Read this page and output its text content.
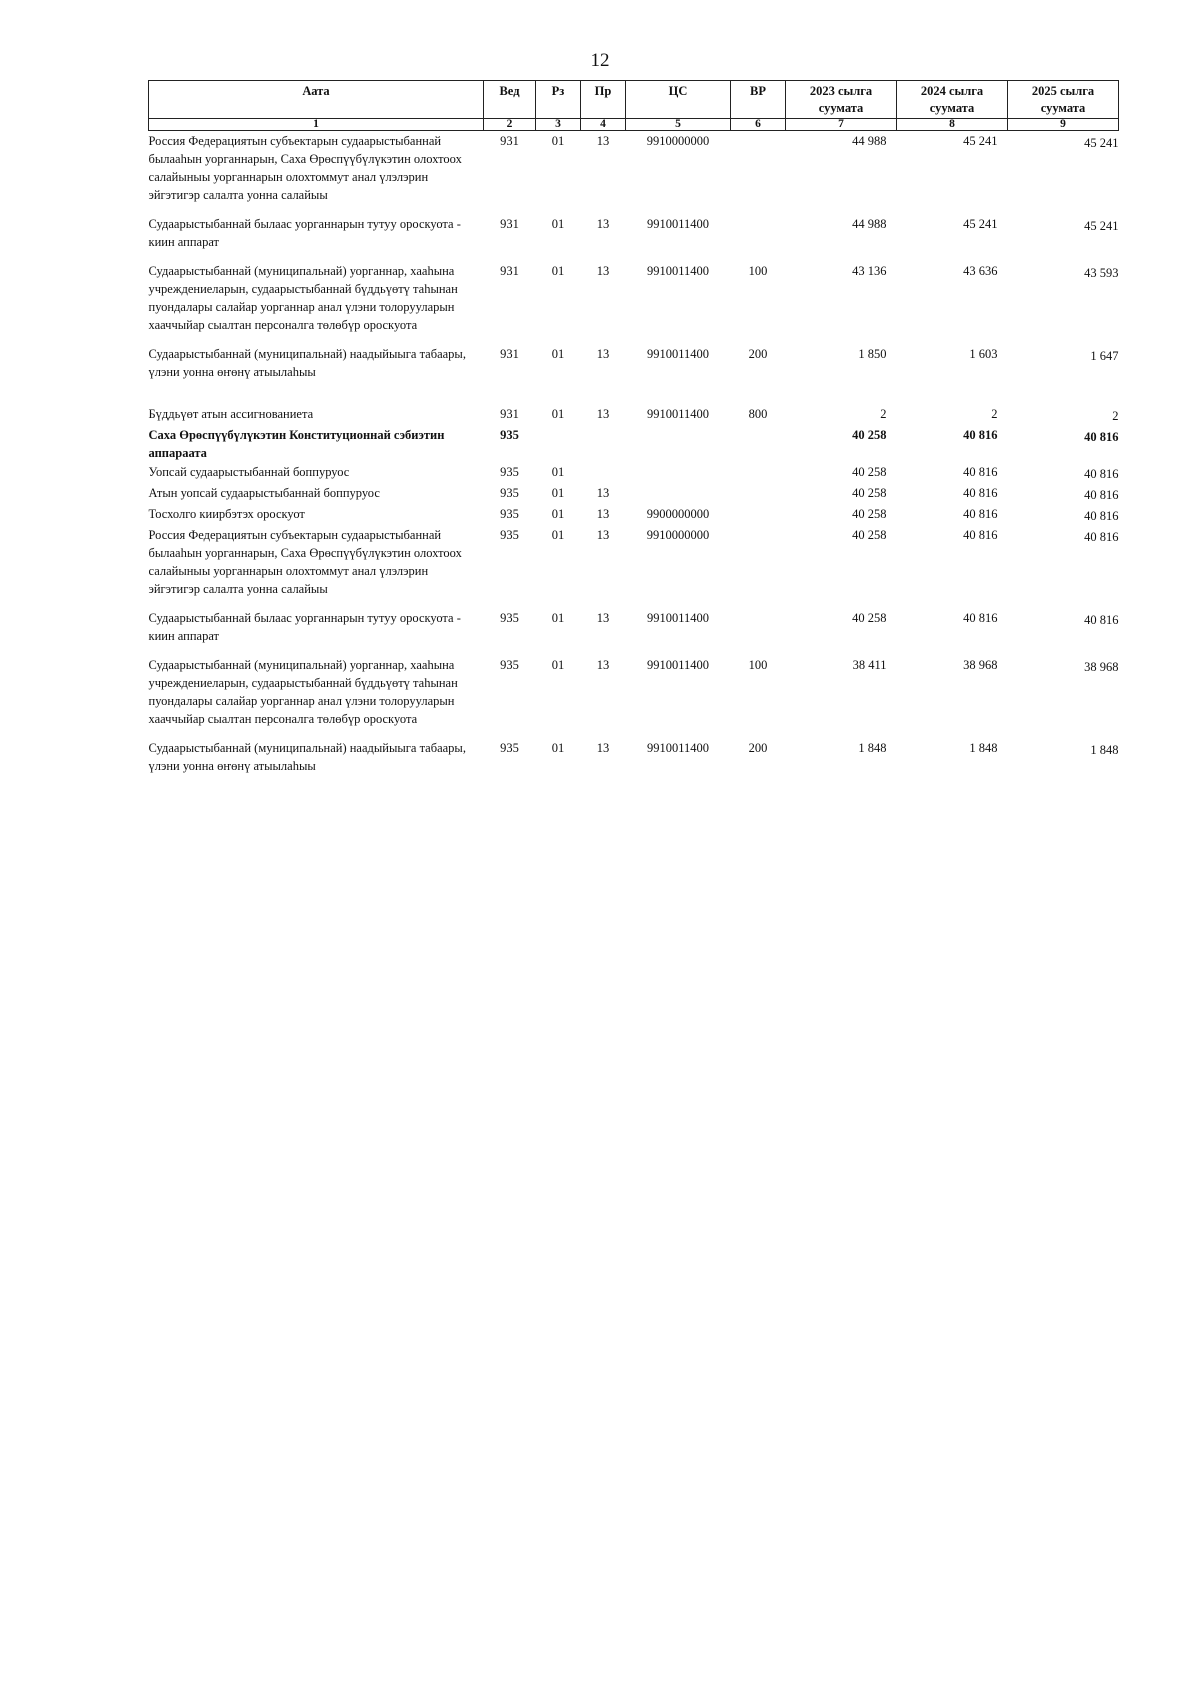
12
Аата	Вед	Рз	Пр	ЦС	ВР	2023 сылга суумата	2024 сылга суумата	2025 сылга суумата
1	2	3	4	5	6	7	8	9
Россия Федерациятын субъектарын судаарыстыбаннай былааһын уорганнарын, Саха Өрөспүүбүлүкэтин олохтоох салайыныы уорганнарын олохтоммут анал үлэлэрин эйгэтигэр салалта уонна салайыы	931	01	13	9910000000		44 988	45 241	45 241
Судаарыстыбаннай былаас уорганнарын тутуу ороскуота - киин аппарат	931	01	13	9910011400		44 988	45 241	45 241
Судаарыстыбаннай (муниципальнай) уорганнар, хааһына учреждениеларын, судаарыстыбаннай бүддьүөтү таһынан пуондалары салайар уорганнар анал үлэни толорууларын хааччыйар сыалтан персоналга төлөбүр ороскуота	931	01	13	9910011400	100	43 136	43 636	43 593
Судаарыстыбаннай (муниципальнай) наадыйыыга табаары, үлэни уонна өҥөнү атыылаһыы	931	01	13	9910011400	200	1 850	1 603	1 647
Бүддьүөт атын ассигнованиета	931	01	13	9910011400	800	2	2	2
Саха Өрөспүүбүлүкэтин Конституционнай сэбиэтин аппараата	935					40 258	40 816	40 816
Уопсай судаарыстыбаннай боппуруос	935	01				40 258	40 816	40 816
Атын уопсай судаарыстыбаннай боппуруос	935	01	13			40 258	40 816	40 816
Тосхолго киирбэтэх ороскуот	935	01	13	9900000000		40 258	40 816	40 816
Россия Федерациятын субъектарын судаарыстыбаннай былааһын уорганнарын, Саха Өрөспүүбүлүкэтин олохтоох салайыныы уорганнарын олохтоммут анал үлэлэрин эйгэтигэр салалта уонна салайыы	935	01	13	9910000000		40 258	40 816	40 816
Судаарыстыбаннай былаас уорганнарын тутуу ороскуота - киин аппарат	935	01	13	9910011400		40 258	40 816	40 816
Судаарыстыбаннай (муниципальнай) уорганнар, хааһына учреждениеларын, судаарыстыбаннай бүддьүөтү таһынан пуондалары салайар уорганнар анал үлэни толорууларын хааччыйар сыалтан персоналга төлөбүр ороскуота	935	01	13	9910011400	100	38 411	38 968	38 968
Судаарыстыбаннай (муниципальнай) наадыйыыга табаары, үлэни уонна өҥөнү атыылаһыы	935	01	13	9910011400	200	1 848	1 848	1 848
